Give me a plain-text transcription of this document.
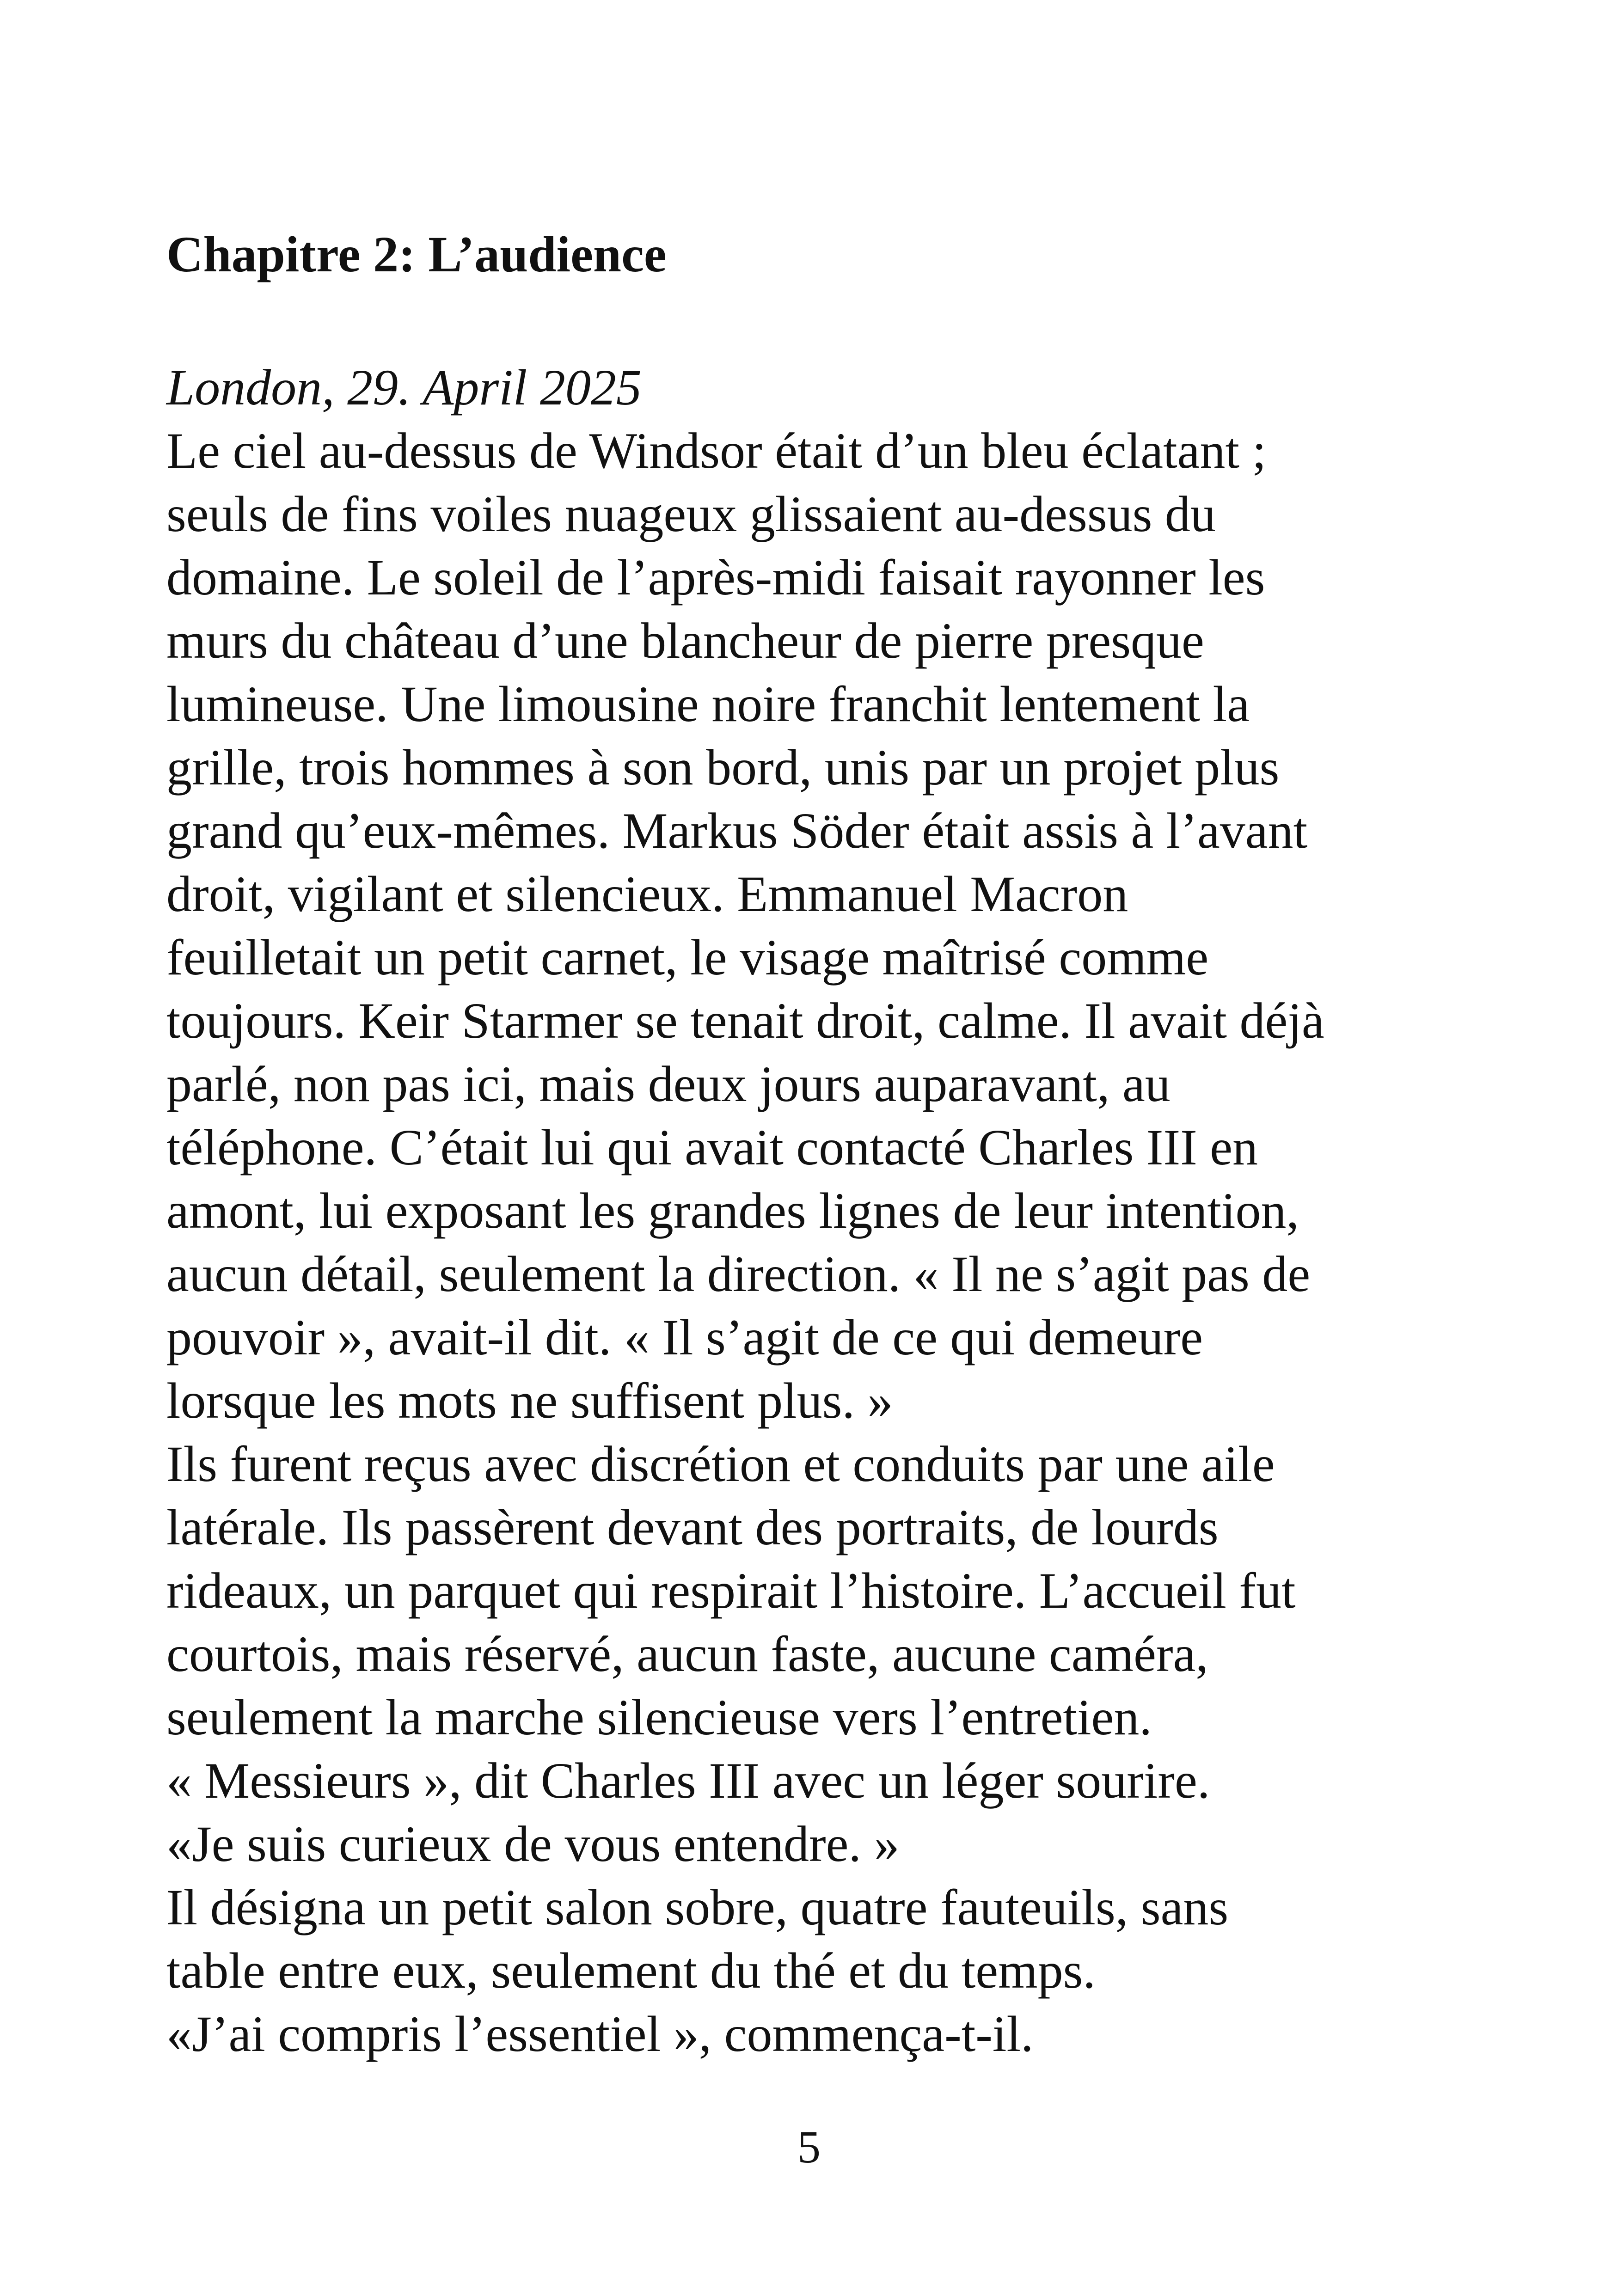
Chapitre 2: L’audience

London, 29. April 2025

Le ciel au-dessus de Windsor était d’un bleu éclatant ;

seuls de fins voiles nuageux glissaient au-dessus du

domaine. Le soleil de l’après-midi faisait rayonner les

murs du château d’une blancheur de pierre presque

lumineuse. Une limousine noire franchit lentement la

grille, trois hommes à son bord, unis par un projet plus

grand qu’eux-mêmes. Markus Söder était assis à l’avant

droit, vigilant et silencieux. Emmanuel Macron

feuilletait un petit carnet, le visage maîtrisé comme

toujours. Keir Starmer se tenait droit, calme. Il avait déjà

parlé, non pas ici, mais deux jours auparavant, au

téléphone. C’était lui qui avait contacté Charles III en

amont, lui exposant les grandes lignes de leur intention,

aucun détail, seulement la direction. « Il ne s’agit pas de

pouvoir », avait-il dit. « Il s’agit de ce qui demeure

lorsque les mots ne suffisent plus. »

Ils furent reçus avec discrétion et conduits par une aile

latérale. Ils passèrent devant des portraits, de lourds

rideaux, un parquet qui respirait l’histoire. L’accueil fut

courtois, mais réservé, aucun faste, aucune caméra,

seulement la marche silencieuse vers l’entretien.

« Messieurs », dit Charles III avec un léger sourire.

«Je suis curieux de vous entendre. »

Il désigna un petit salon sobre, quatre fauteuils, sans

table entre eux, seulement du thé et du temps.

«J’ai compris l’essentiel », commença-t-il.

5
